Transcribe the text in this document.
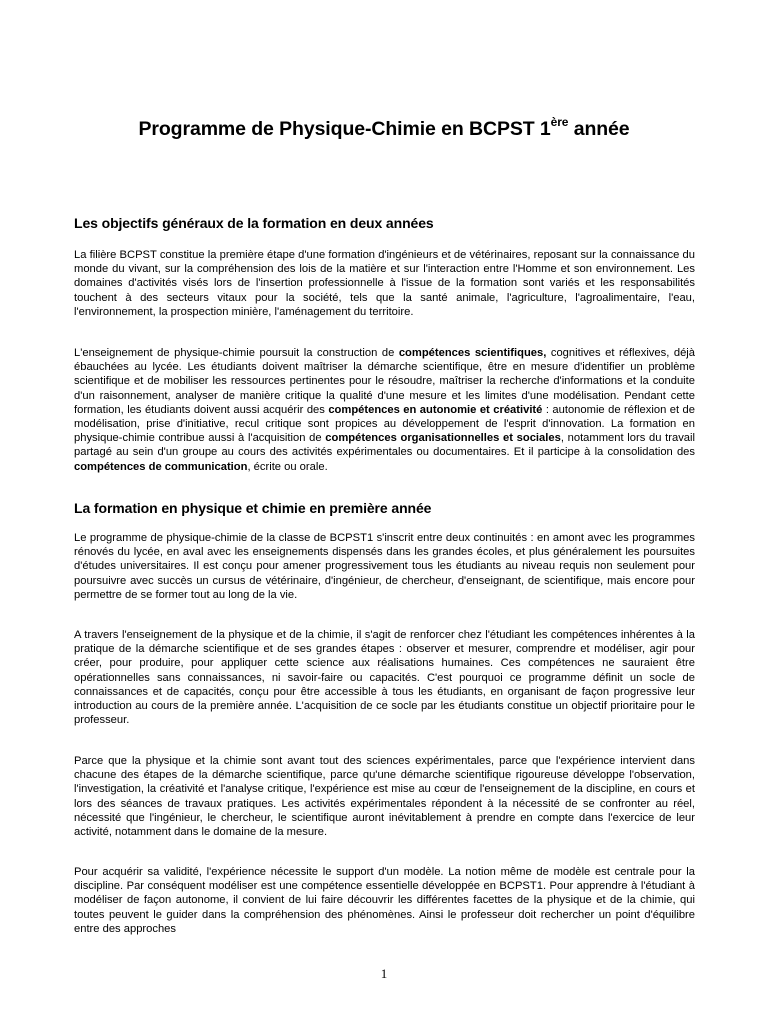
Programme de Physique-Chimie en BCPST 1ère année
Les objectifs généraux de la formation en deux années

La filière BCPST constitue la première étape d'une formation d'ingénieurs et de vétérinaires, reposant sur la connaissance du monde du vivant, sur la compréhension des lois de la matière et sur l'interaction entre l'Homme et son environnement. Les domaines d'activités visés lors de l'insertion professionnelle à l'issue de la formation sont variés et les responsabilités touchent à des secteurs vitaux pour la société, tels que la santé animale, l'agriculture, l'agroalimentaire, l'eau, l'environnement, la prospection minière, l'aménagement du territoire.

L'enseignement de physique-chimie poursuit la construction de compétences scientifiques, cognitives et réflexives, déjà ébauchées au lycée. Les étudiants doivent maîtriser la démarche scientifique, être en mesure d'identifier un problème scientifique et de mobiliser les ressources pertinentes pour le résoudre, maîtriser la recherche d'informations et la conduite d'un raisonnement, analyser de manière critique la qualité d'une mesure et les limites d'une modélisation. Pendant cette formation, les étudiants doivent aussi acquérir des compétences en autonomie et créativité : autonomie de réflexion et de modélisation, prise d'initiative, recul critique sont propices au développement de l'esprit d'innovation. La formation en physique-chimie contribue aussi à l'acquisition de compétences organisationnelles et sociales, notamment lors du travail partagé au sein d'un groupe au cours des activités expérimentales ou documentaires. Et il participe à la consolidation des compétences de communication, écrite ou orale.

La formation en physique et chimie en première année

Le programme de physique-chimie de la classe de BCPST1 s'inscrit entre deux continuités : en amont avec les programmes rénovés du lycée, en aval avec les enseignements dispensés dans les grandes écoles, et plus généralement les poursuites d'études universitaires. Il est conçu pour amener progressivement tous les étudiants au niveau requis non seulement pour poursuivre avec succès un cursus de vétérinaire, d'ingénieur, de chercheur, d'enseignant, de scientifique, mais encore pour permettre de se former tout au long de la vie.

A travers l'enseignement de la physique et de la chimie, il s'agit de renforcer chez l'étudiant les compétences inhérentes à la pratique de la démarche scientifique et de ses grandes étapes : observer et mesurer, comprendre et modéliser, agir pour créer, pour produire, pour appliquer cette science aux réalisations humaines. Ces compétences ne sauraient être opérationnelles sans connaissances, ni savoir-faire ou capacités. C'est pourquoi ce programme définit un socle de connaissances et de capacités, conçu pour être accessible à tous les étudiants, en organisant de façon progressive leur introduction au cours de la première année. L'acquisition de ce socle par les étudiants constitue un objectif prioritaire pour le professeur.

Parce que la physique et la chimie sont avant tout des sciences expérimentales, parce que l'expérience intervient dans chacune des étapes de la démarche scientifique, parce qu'une démarche scientifique rigoureuse développe l'observation, l'investigation, la créativité et l'analyse critique, l'expérience est mise au cœur de l'enseignement de la discipline, en cours et lors des séances de travaux pratiques. Les activités expérimentales répondent à la nécessité de se confronter au réel, nécessité que l'ingénieur, le chercheur, le scientifique auront inévitablement à prendre en compte dans l'exercice de leur activité, notamment dans le domaine de la mesure.

Pour acquérir sa validité, l'expérience nécessite le support d'un modèle. La notion même de modèle est centrale pour la discipline. Par conséquent modéliser est une compétence essentielle développée en BCPST1. Pour apprendre à l'étudiant à modéliser de façon autonome, il convient de lui faire découvrir les différentes facettes de la physique et de la chimie, qui toutes peuvent le guider dans la compréhension des phénomènes. Ainsi le professeur doit rechercher un point d'équilibre entre des approches

1
